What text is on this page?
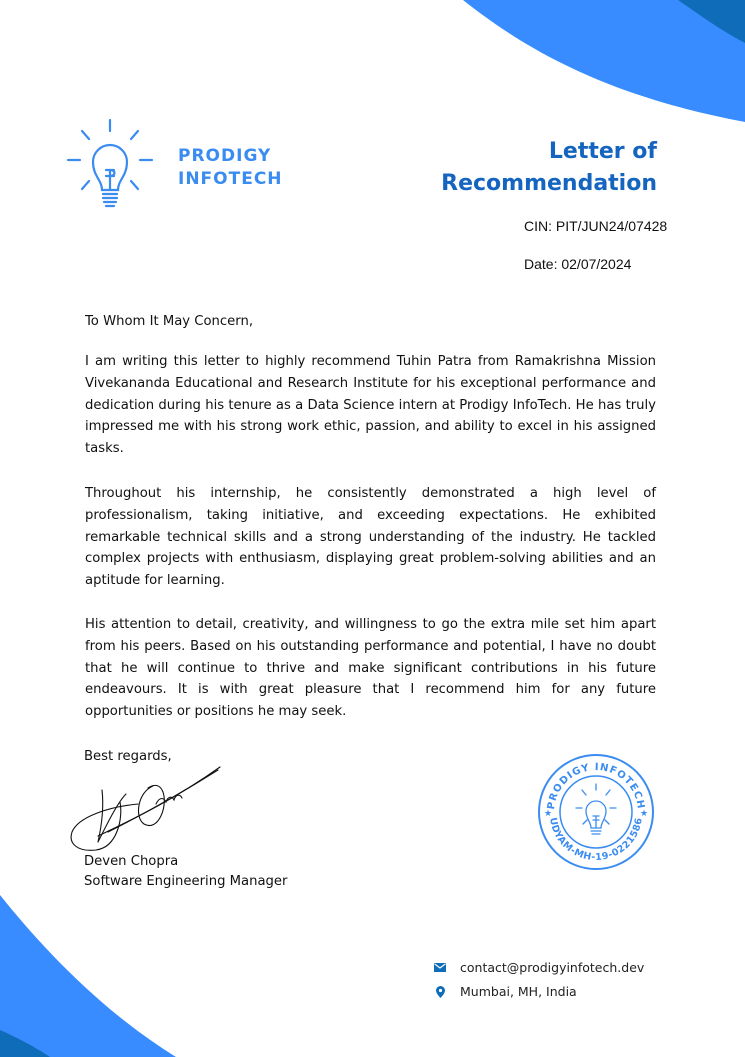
PRODIGY
INFOTECH
Letter of
Recommendation
CIN: PIT/JUN24/07428
Date: 02/07/2024
To Whom It May Concern,
I am writing this letter to highly recommend Tuhin Patra from Ramakrishna Mission Vivekananda Educational and Research Institute for his exceptional performance and dedication during his tenure as a Data Science intern at Prodigy InfoTech. He has truly impressed me with his strong work ethic, passion, and ability to excel in his assigned tasks.
Throughout his internship, he consistently demonstrated a high level of professionalism, taking initiative, and exceeding expectations. He exhibited remarkable technical skills and a strong understanding of the industry. He tackled complex projects with enthusiasm, displaying great problem-solving abilities and an aptitude for learning.
His attention to detail, creativity, and willingness to go the extra mile set him apart from his peers. Based on his outstanding performance and potential, I have no doubt that he will continue to thrive and make significant contributions in his future endeavours. It is with great pleasure that I recommend him for any future opportunities or positions he may seek.
Best regards,
Deven Chopra
Software Engineering Manager
PRODIGY INFOTECH
UDYAM-MH-19-0221586
★	★
contact@prodigyinfotech.dev
Mumbai, MH, India
